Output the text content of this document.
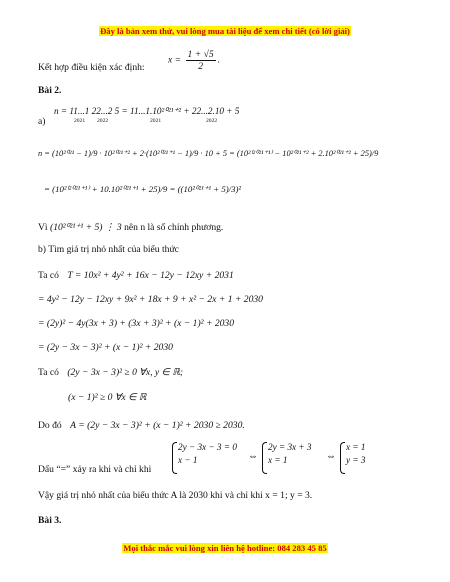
Đây là bản xem thử, vui lòng mua tài liệu để xem chi tiết (có lời giải)
Kết hợp điều kiện xác định:
$x = \frac{1 + √5}{2}$ .
Bài 2.
a)
n = 11...1 22...2 5 = 11...1.10²⁰²¹⁺² + 22...2.10 + 5
2021 2022	2021	2022
n = (10²⁰²¹ − 1)/9 · 10²⁰²¹⁺² + 2·(10²⁰²¹⁺¹ − 1)/9 · 10 + 5 = (10²⁽²⁰²¹⁺¹⁾ − 10²⁰²¹⁺² + 2.10²⁰²¹⁺² + 25)/9
= (10²⁽²⁰²¹⁺¹⁾ + 10.10²⁰²¹⁺¹ + 25)/9 = ((10²⁰²¹⁺¹ + 5)/3)²
Vì (10²⁰²¹⁺¹ + 5) ⋮ 3 nên n là số chính phương.
b) Tìm giá trị nhỏ nhất của biểu thức
Ta có T = 10x² + 4y² + 16x − 12y − 12xy + 2031
= 4y² − 12y − 12xy + 9x² + 18x + 9 + x² − 2x + 1 + 2030
= (2y)² − 4y(3x + 3) + (3x + 3)² + (x − 1)² + 2030
= (2y − 3x − 3)² + (x − 1)² + 2030
Ta có (2y − 3x − 3)² ≥ 0 ∀x, y ∈ ℝ;
(x − 1)² ≥ 0 ∀x ∈ ℝ
Do đó A = (2y − 3x − 3)² + (x − 1)² + 2030 ≥ 2030.
Dấu “=” xảy ra khi và chỉ khi
2y − 3x − 3 = 0
x − 1	⇔
2y = 3x + 3
x = 1	⇔
x = 1
y = 3
Vậy giá trị nhỏ nhất của biểu thức A là 2030 khi và chỉ khi x = 1; y = 3.
Bài 3.
Mọi thắc mắc vui lòng xin liên hệ hotline: 084 283 45 85
